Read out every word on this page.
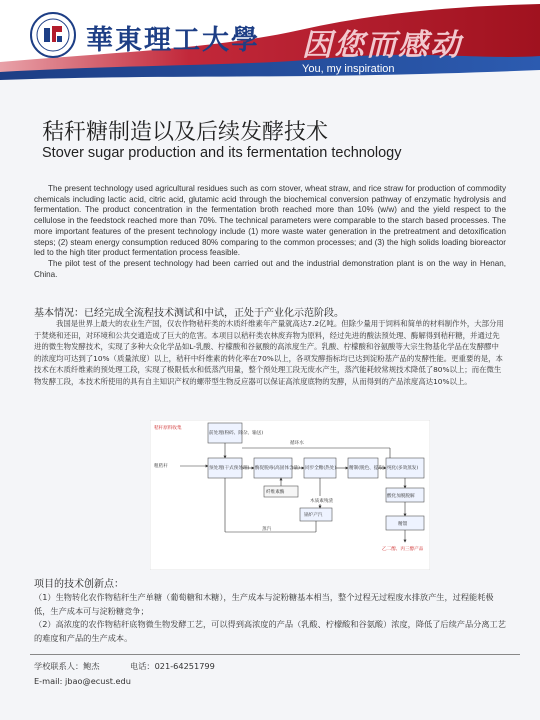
華東理工大學 因您而感动
You, my inspiration
秸秆糖制造以及后续发酵技术
Stover sugar production and its fermentation technology

The present technology used agricultural residues such as corn stover, wheat straw, and rice straw for production of commodity chemicals including lactic acid, citric acid, glutamic acid through the biochemical conversion pathway of enzymatic hydrolysis and fermentation. The product concentration in the fermentation broth reached more than 10% (w/w) and the yield respect to the cellulose in the feedstock reached more than 70%. The technical parameters were comparable to the starch based processes. The more important features of the present technology include (1) more waste water generation in the pretreatment and detoxification steps; (2) steam energy consumption reduced 80% comparing to the common processes; and (3) the high solids loading bioreactor led to the high titer product fermentation process feasible.

The pilot test of the present technology had been carried out and the industrial demonstration plant is on the way in Henan, China.

基本情况：已经完成全流程技术测试和中试，正处于产业化示范阶段。

我国是世界上最大的农业生产国，仅农作物秸秆类的木质纤维素年产量就高达7.2亿吨。但除少量用于饲料和简单的材料制作外，大部分用于焚烧和还田，对环境和公共交通造成了巨大的危害。本项目以秸秆类农林废弃物为原料，经过先进的酸法预处理、酶解得到秸秆糖，并通过先进的微生物发酵技术，实现了多种大众化学品如L-乳酸、柠檬酸和谷氨酸的高浓度生产。乳酸、柠檬酸和谷氨酸等大宗生物基化学品在发酵醪中的浓度均可达到了10%（质量浓度）以上，秸秆中纤维素的转化率在70%以上，各项发酵指标均已达到淀粉基产品的发酵性能。更重要的是，本技术在木质纤维素的预处理工段，实现了极限低水和低蒸汽用量，整个预处理工段无废水产生，蒸汽能耗较常规技术降低了80%以上；而在微生物发酵工段，本技术所使用的具有自主知识产权的螺带型生物反应器可以保证高浓度底物的发酵，从而得到的产品浓度高达10%以上。

秸秆原料收集
前处理(粉碎、除杂、输送)
循环水
粗秸秆	预处理(干式预处理) 酶促脱毒(高固体含量) 同步全糖(热处)	精制(脱色、提取) 纯化(多效蒸发)
纤维素酶
木质素残渣
锅炉产汽
蒸汽
酸化加脱脱解
精馏
乙二醇、丙三醇产品
项目的技术创新点：

（1）生物转化农作物秸秆生产单糖（葡萄糖和木糖），生产成本与淀粉糖基本相当，整个过程无过程废水排放产生，过程能耗极低，生产成本可与淀粉糖竞争；

（2）高浓度的农作物秸秆底物微生物发酵工艺，可以得到高浓度的产品（乳酸、柠檬酸和谷氨酸）浓度，降低了后续产品分离工艺的难度和产品的生产成本。

学校联系人：鲍杰	电话：021-64251799
E-mail: jbao@ecust.edu
